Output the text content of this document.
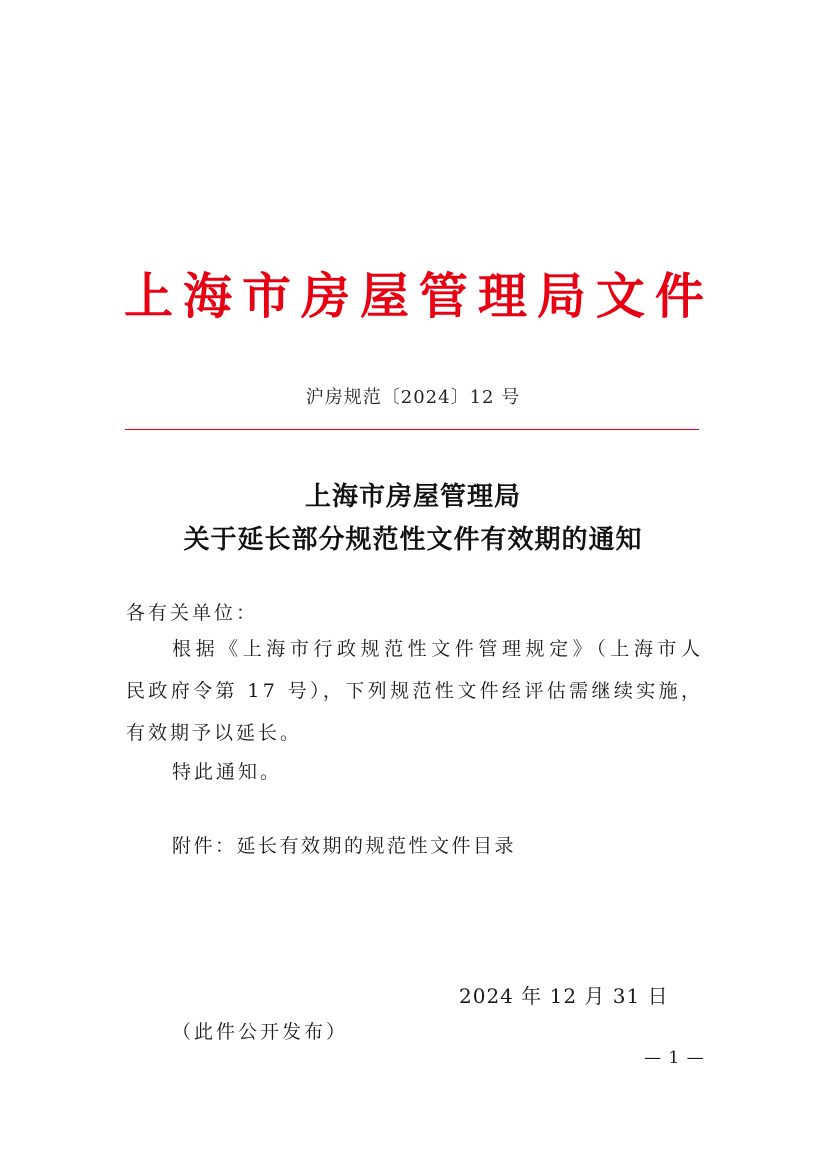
上 海 市 房 屋 管 理 局 文 件
沪房规范〔2024〕12 号
上海市房屋管理局
关于延长部分规范性文件有效期的通知
各有关单位：
根据《上海市行政规范性文件管理规定》（上海市人
民政府令第 17 号），下列规范性文件经评估需继续实施，
有效期予以延长。
特此通知。
附件：延长有效期的规范性文件目录
2024 年 12 月 31 日
（此件公开发布）
— 1 —
